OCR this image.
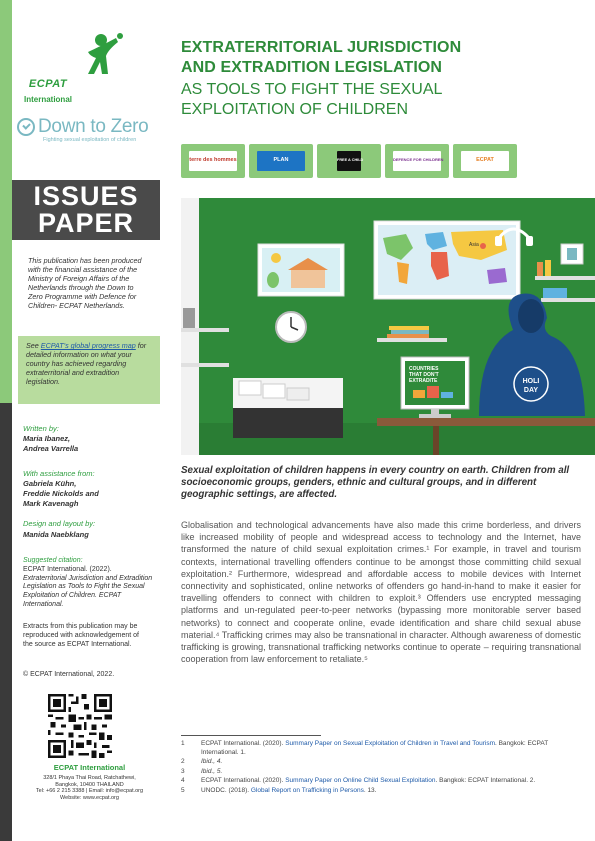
ECPAT
International
Down to Zero
Fighting sexual exploitation of children
ISSUES
PAPER
This publication has been produced with the financial assistance of the Ministry of Foreign Affairs of the Netherlands through the Down to Zero Programme with Defence for Children- ECPAT Netherlands.
See ECPAT's global progress map for detailed information on what your country has achieved regarding extraterritorial and extradition legislation.
Written by:
Maria Ibanez,
Andrea Varrella
With assistance from:
Gabriela Kühn,
Freddie Nickolds and
Mark Kavenagh
Design and layout by:
Manida Naebklang
Suggested citation:
ECPAT International. (2022).
Extraterritorial Jurisdiction and Extradition Legislation as Tools to Fight the Sexual Exploitation of Children. ECPAT International.
Extracts from this publication may be reproduced with acknowledgement of the source as ECPAT International.
© ECPAT International, 2022.
ECPAT International
328/1 Phaya Thai Road, Ratchathewi,
Bangkok, 10400 THAILAND
Tel: +66 2 215 3388 | Email: info@ecpat.org
Website: www.ecpat.org
EXTRATERRITORIAL JURISDICTION
AND EXTRADITION LEGISLATION
AS TOOLS TO FIGHT THE SEXUAL
EXPLOITATION OF CHILDREN
terre des hommes	PLAN	FREE A CHILD	DEFENCE FOR CHILDREN	ECPAT
Asia
COUNTRIES
THAT DON'T
EXTRADITE	HOLI
DAY
Sexual exploitation of children happens in every country on earth. Children from all socioeconomic groups, genders, ethnic and cultural groups, and in different geographic settings, are affected.
Globalisation and technological advancements have also made this crime borderless, and drivers like increased mobility of people and widespread access to technology and the Internet, have transformed the nature of child sexual exploitation crimes.¹ For example, in travel and tourism contexts, international travelling offenders continue to be amongst those committing child sexual exploitation.² Furthermore, widespread and affordable access to mobile devices with Internet connectivity and sophisticated, online networks of offenders go hand-in-hand to make it easier for travelling offenders to connect with children to exploit.³ Offenders use encrypted messaging platforms and un-regulated peer-to-peer networks (bypassing more monitorable server based networks) to connect and cooperate online, evade identification and share child sexual abuse material.⁴ Trafficking crimes may also be transnational in character. Although awareness of domestic trafficking is growing, transnational trafficking networks continue to operate – requiring transnational cooperation from law enforcement to retaliate.⁵
1	ECPAT International. (2020). Summary Paper on Sexual Exploitation of Children in Travel and Tourism. Bangkok: ECPAT International. 1.
2	Ibid., 4.
3	Ibid., 5.
4	ECPAT International. (2020). Summary Paper on Online Child Sexual Exploitation. Bangkok: ECPAT International. 2.
5	UNODC. (2018). Global Report on Trafficking in Persons. 13.
